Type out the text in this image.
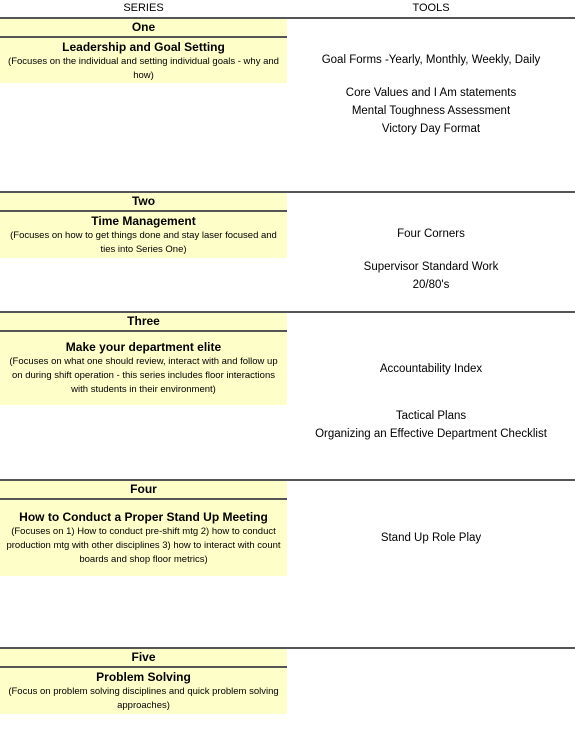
SERIES	TOOLS
One
Leadership and Goal Setting
(Focuses on the individual and setting individual goals - why and how)
Goal Forms -Yearly, Monthly, Weekly, Daily
Core Values and I Am statements
Mental Toughness Assessment
Victory Day Format
Two
Time Management
(Focuses on how to get things done and stay laser focused and ties into Series One)
Four Corners
Supervisor Standard Work
20/80's
Three
Make your department elite
(Focuses on what one should review, interact with and follow up on during shift operation - this series includes floor interactions with students in their environment)
Accountability Index
Tactical Plans
Organizing an Effective Department Checklist
Four
How to Conduct a Proper Stand Up Meeting
(Focuses on 1) How to conduct pre-shift mtg 2) how to conduct production mtg with other disciplines 3) how to interact with count boards and shop floor metrics)
Stand Up Role Play
Five
Problem Solving
(Focus on problem solving disciplines and quick problem solving approaches)
